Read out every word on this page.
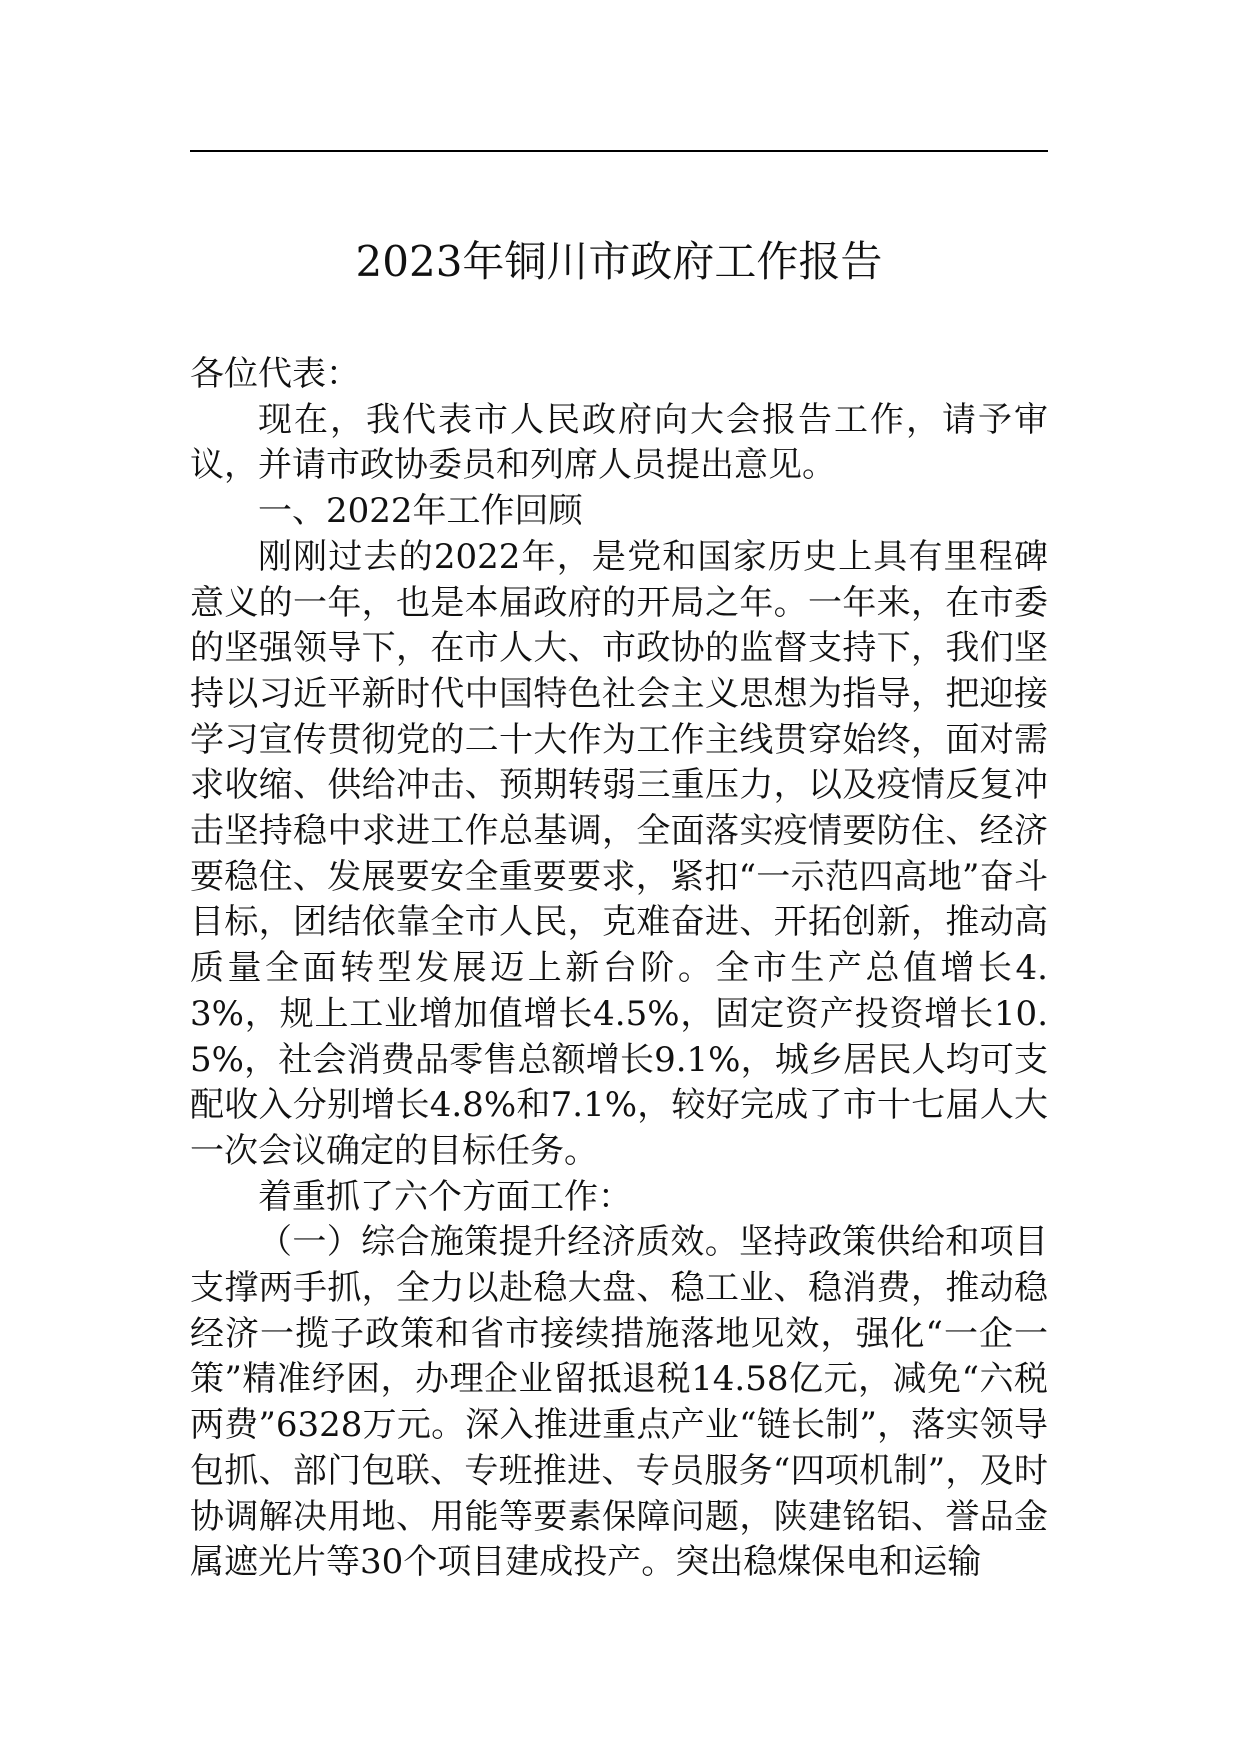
2023年铜川市政府工作报告

各位代表：

现在，我代表市人民政府向大会报告工作，请予审议，并请市政协委员和列席人员提出意见。

一、2022年工作回顾

刚刚过去的2022年，是党和国家历史上具有里程碑意义的一年，也是本届政府的开局之年。一年来，在市委的坚强领导下，在市人大、市政协的监督支持下，我们坚持以习近平新时代中国特色社会主义思想为指导，把迎接学习宣传贯彻党的二十大作为工作主线贯穿始终，面对需求收缩、供给冲击、预期转弱三重压力，以及疫情反复冲击坚持稳中求进工作总基调，全面落实疫情要防住、经济要稳住、发展要安全重要要求，紧扣“一示范四高地”奋斗目标，团结依靠全市人民，克难奋进、开拓创新，推动高质量全面转型发展迈上新台阶。全市生产总值增长4.3%，规上工业增加值增长4.5%，固定资产投资增长10.5%，社会消费品零售总额增长9.1%，城乡居民人均可支配收入分别增长4.8%和7.1%，较好完成了市十七届人大一次会议确定的目标任务。

着重抓了六个方面工作：

（一）综合施策提升经济质效。坚持政策供给和项目支撑两手抓，全力以赴稳大盘、稳工业、稳消费，推动稳经济一揽子政策和省市接续措施落地见效，强化“一企一策”精准纾困，办理企业留抵退税14.58亿元，减免“六税两费”6328万元。深入推进重点产业“链长制”，落实领导包抓、部门包联、专班推进、专员服务“四项机制”，及时协调解决用地、用能等要素保障问题，陕建铭铝、誉品金属遮光片等30个项目建成投产。突出稳煤保电和运输
